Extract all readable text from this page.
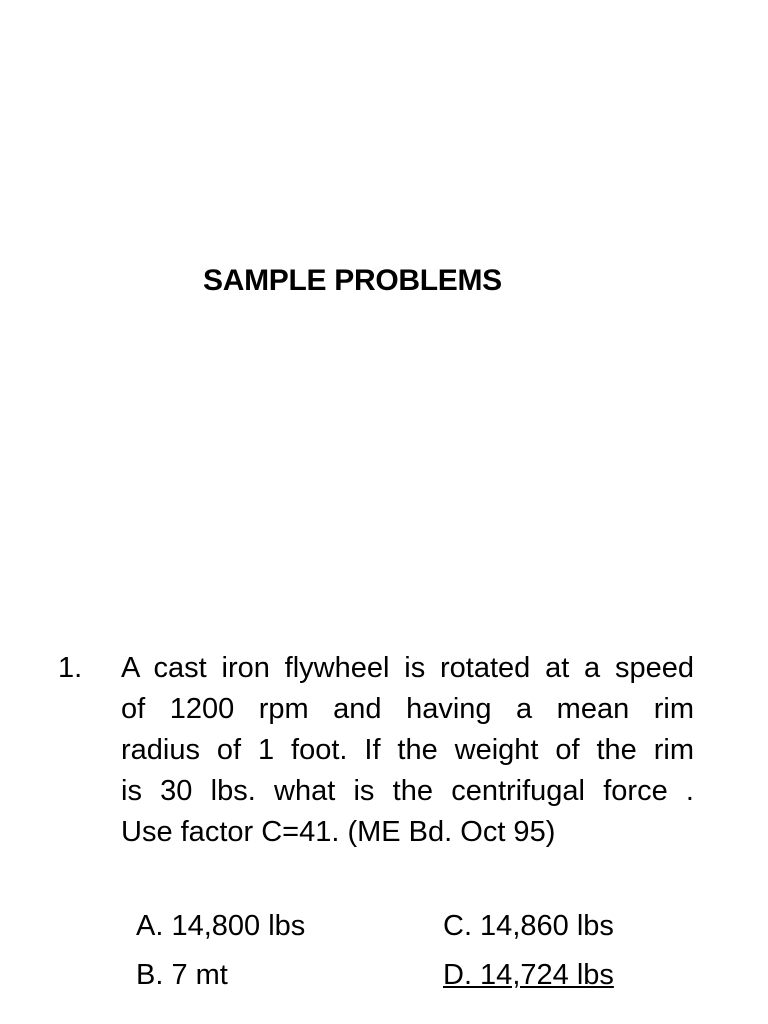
SAMPLE PROBLEMS
1. A cast iron flywheel is rotated at a speed
of 1200 rpm and having a mean rim
radius of 1 foot. If the weight of the rim
is 30 lbs. what is the centrifugal force .
Use factor C=41. (ME Bd. Oct 95)
A. 14,800 lbs
B. 7 mt
C. 14,860 lbs
D. 14,724 lbs
